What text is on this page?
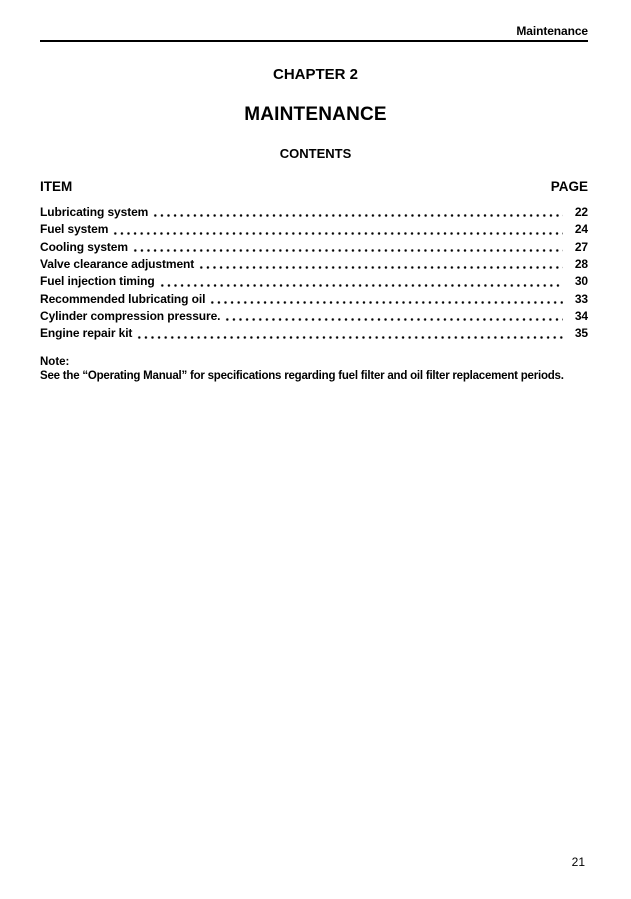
Maintenance
CHAPTER 2
MAINTENANCE
CONTENTS
ITEM	PAGE
Lubricating system	22
Fuel system	24
Cooling system	27
Valve clearance adjustment	28
Fuel injection timing	30
Recommended lubricating oil	33
Cylinder compression pressure.	34
Engine repair kit	35
Note:
See the “Operating Manual” for specifications regarding fuel filter and oil filter replacement periods.
21
